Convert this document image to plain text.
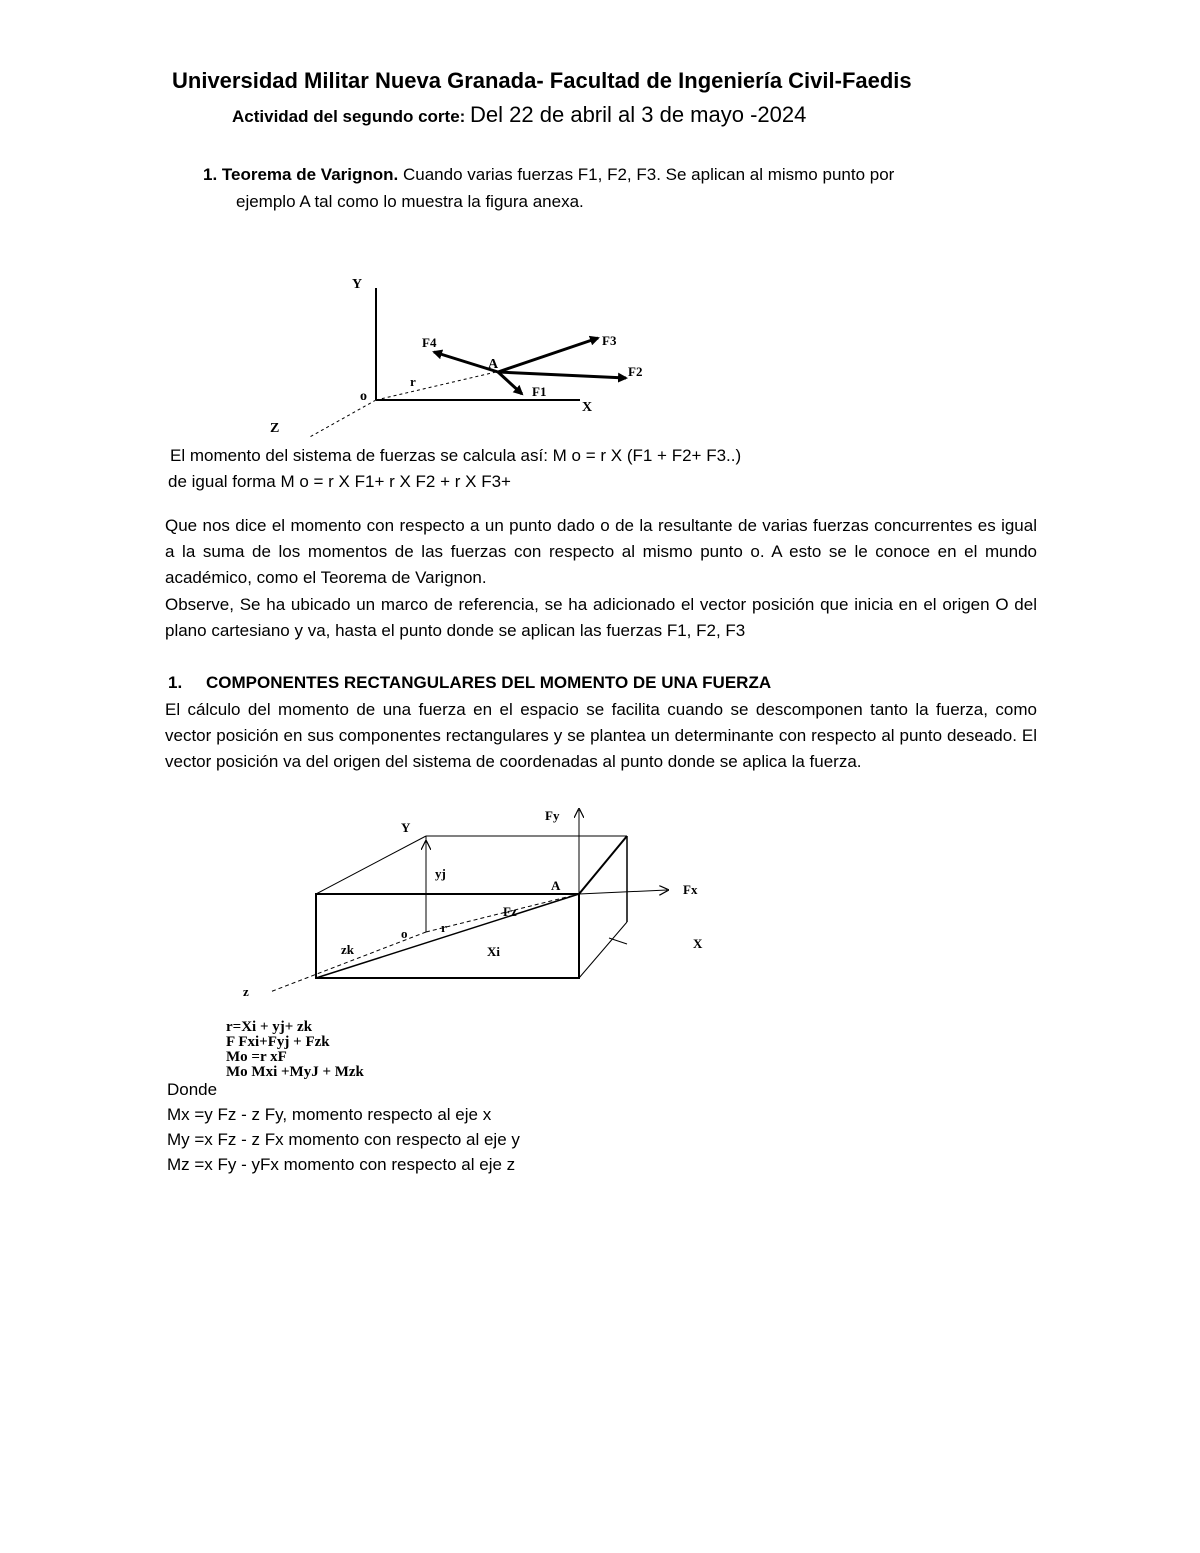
Universidad Militar Nueva Granada- Facultad de Ingeniería Civil-Faedis
Actividad del segundo corte: Del 22 de abril al 3 de mayo -2024
1. Teorema de Varignon. Cuando varias fuerzas F1, F2, F3. Se aplican al mismo punto por
ejemplo A tal como lo muestra la figura anexa.
Y
o
Z
X
A
r
F1
F2
F3
F4
El momento del sistema de fuerzas se calcula así: M o = r X (F1 + F2+ F3..)
de igual forma M o = r X F1+ r X F2 + r X F3+
Que nos dice el momento con respecto a un punto dado o de la resultante de varias fuerzas concurrentes es igual a la suma de los momentos de las fuerzas con respecto al mismo punto o. A esto se le conoce en el mundo académico, como el Teorema de Varignon.
Observe, Se ha ubicado un marco de referencia, se ha adicionado el vector posición que inicia en el origen O del plano cartesiano y va, hasta el punto donde se aplican las fuerzas F1, F2, F3
1. COMPONENTES RECTANGULARES DEL MOMENTO DE UNA FUERZA
El cálculo del momento de una fuerza en el espacio se facilita cuando se descomponen tanto la fuerza, como vector posición en sus componentes rectangulares y se plantea un determinante con respecto al punto deseado. El vector posición va del origen del sistema de coordenadas al punto donde se aplica la fuerza.
Y
Fy
yj
A	Fx
Fz
o	r
zk	Xi
X
z
r=Xi + yj+ zk
F Fxi+Fyj + Fzk
Mo =r xF
Mo Mxi +MyJ + Mzk
Donde
Mx =y Fz - z Fy, momento respecto al eje x
My =x Fz - z Fx momento con respecto al eje y
Mz =x Fy - yFx momento con respecto al eje z
